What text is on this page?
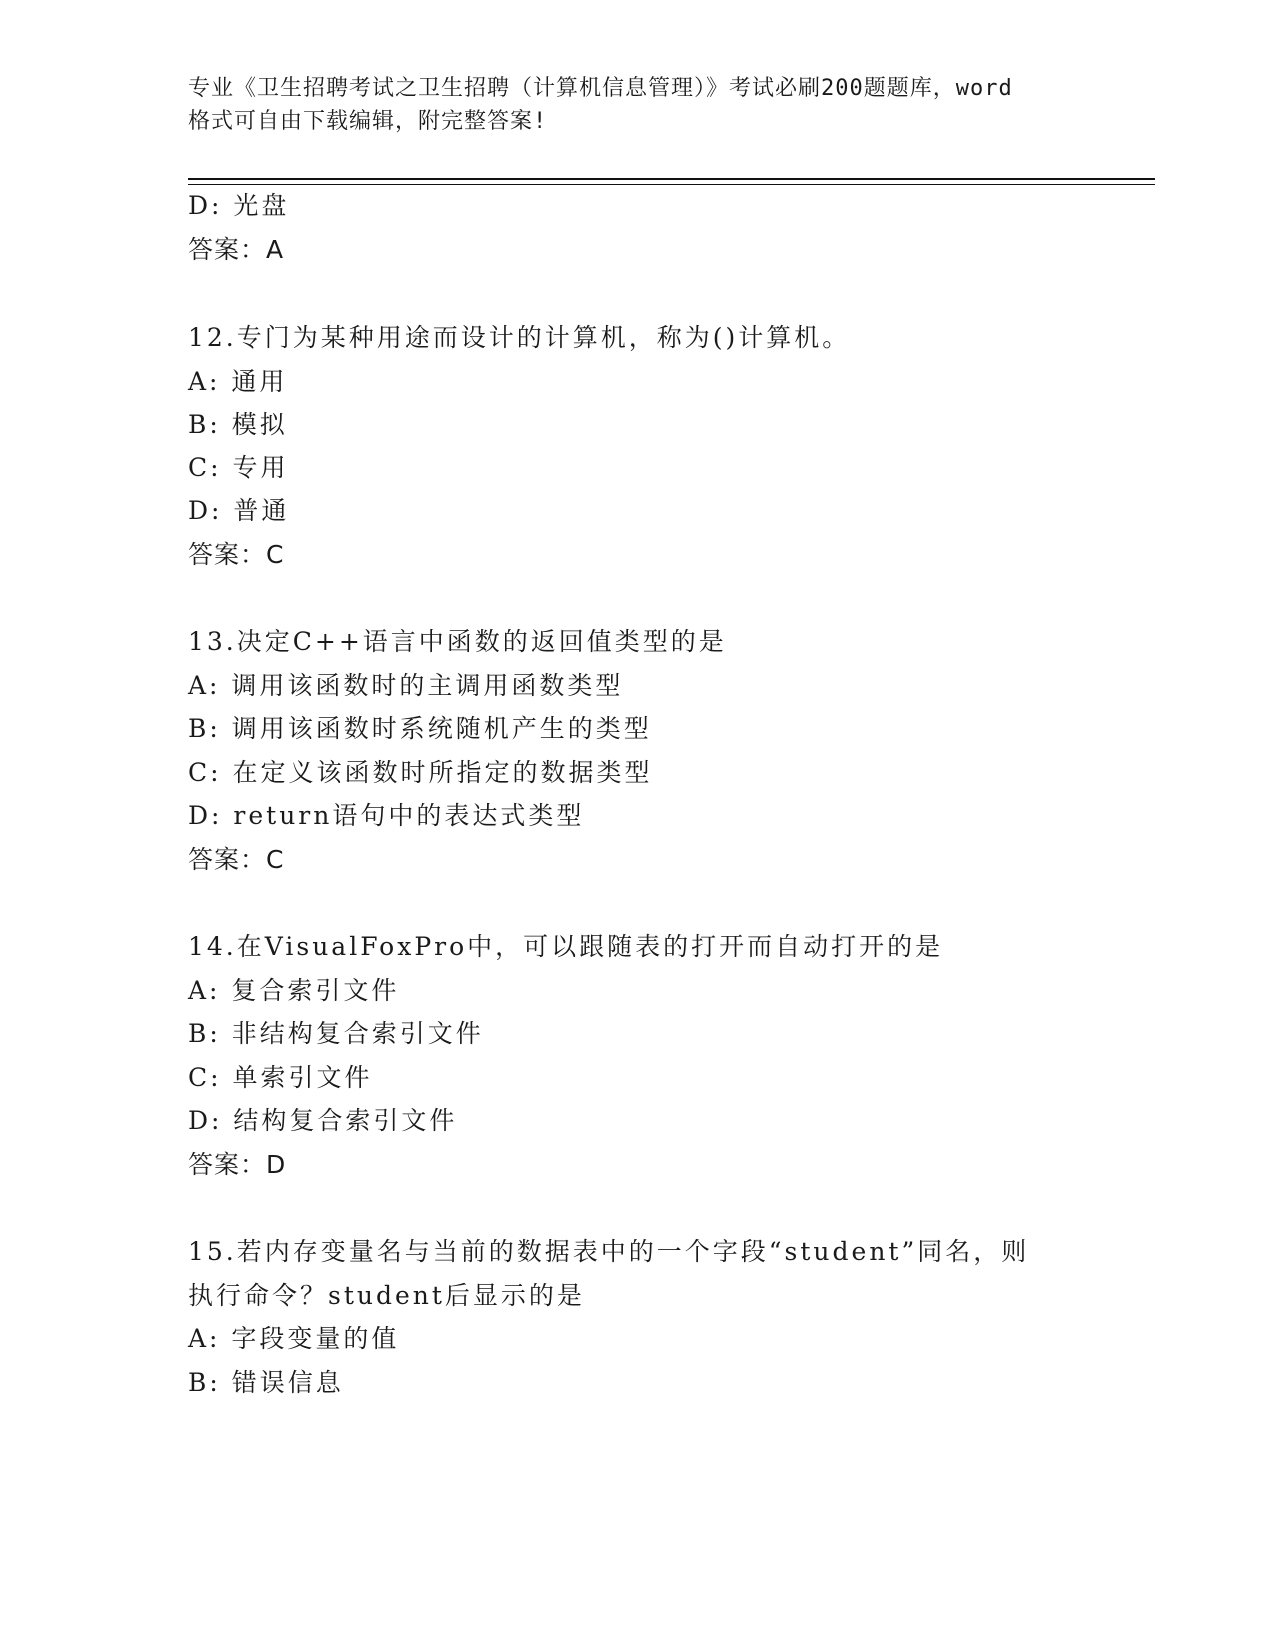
专业《卫生招聘考试之卫生招聘（计算机信息管理）》考试必刷200题题库，word
格式可自由下载编辑，附完整答案!
D: 光盘
答案：A
12.专门为某种用途而设计的计算机，称为()计算机。
A: 通用
B: 模拟
C: 专用
D: 普通
答案：C
13.决定C++语言中函数的返回值类型的是
A: 调用该函数时的主调用函数类型
B: 调用该函数时系统随机产生的类型
C: 在定义该函数时所指定的数据类型
D: return语句中的表达式类型
答案：C
14.在VisualFoxPro中，可以跟随表的打开而自动打开的是
A: 复合索引文件
B: 非结构复合索引文件
C: 单索引文件
D: 结构复合索引文件
答案：D
15.若内存变量名与当前的数据表中的一个字段“student”同名，则
执行命令？student后显示的是
A: 字段变量的值
B: 错误信息
